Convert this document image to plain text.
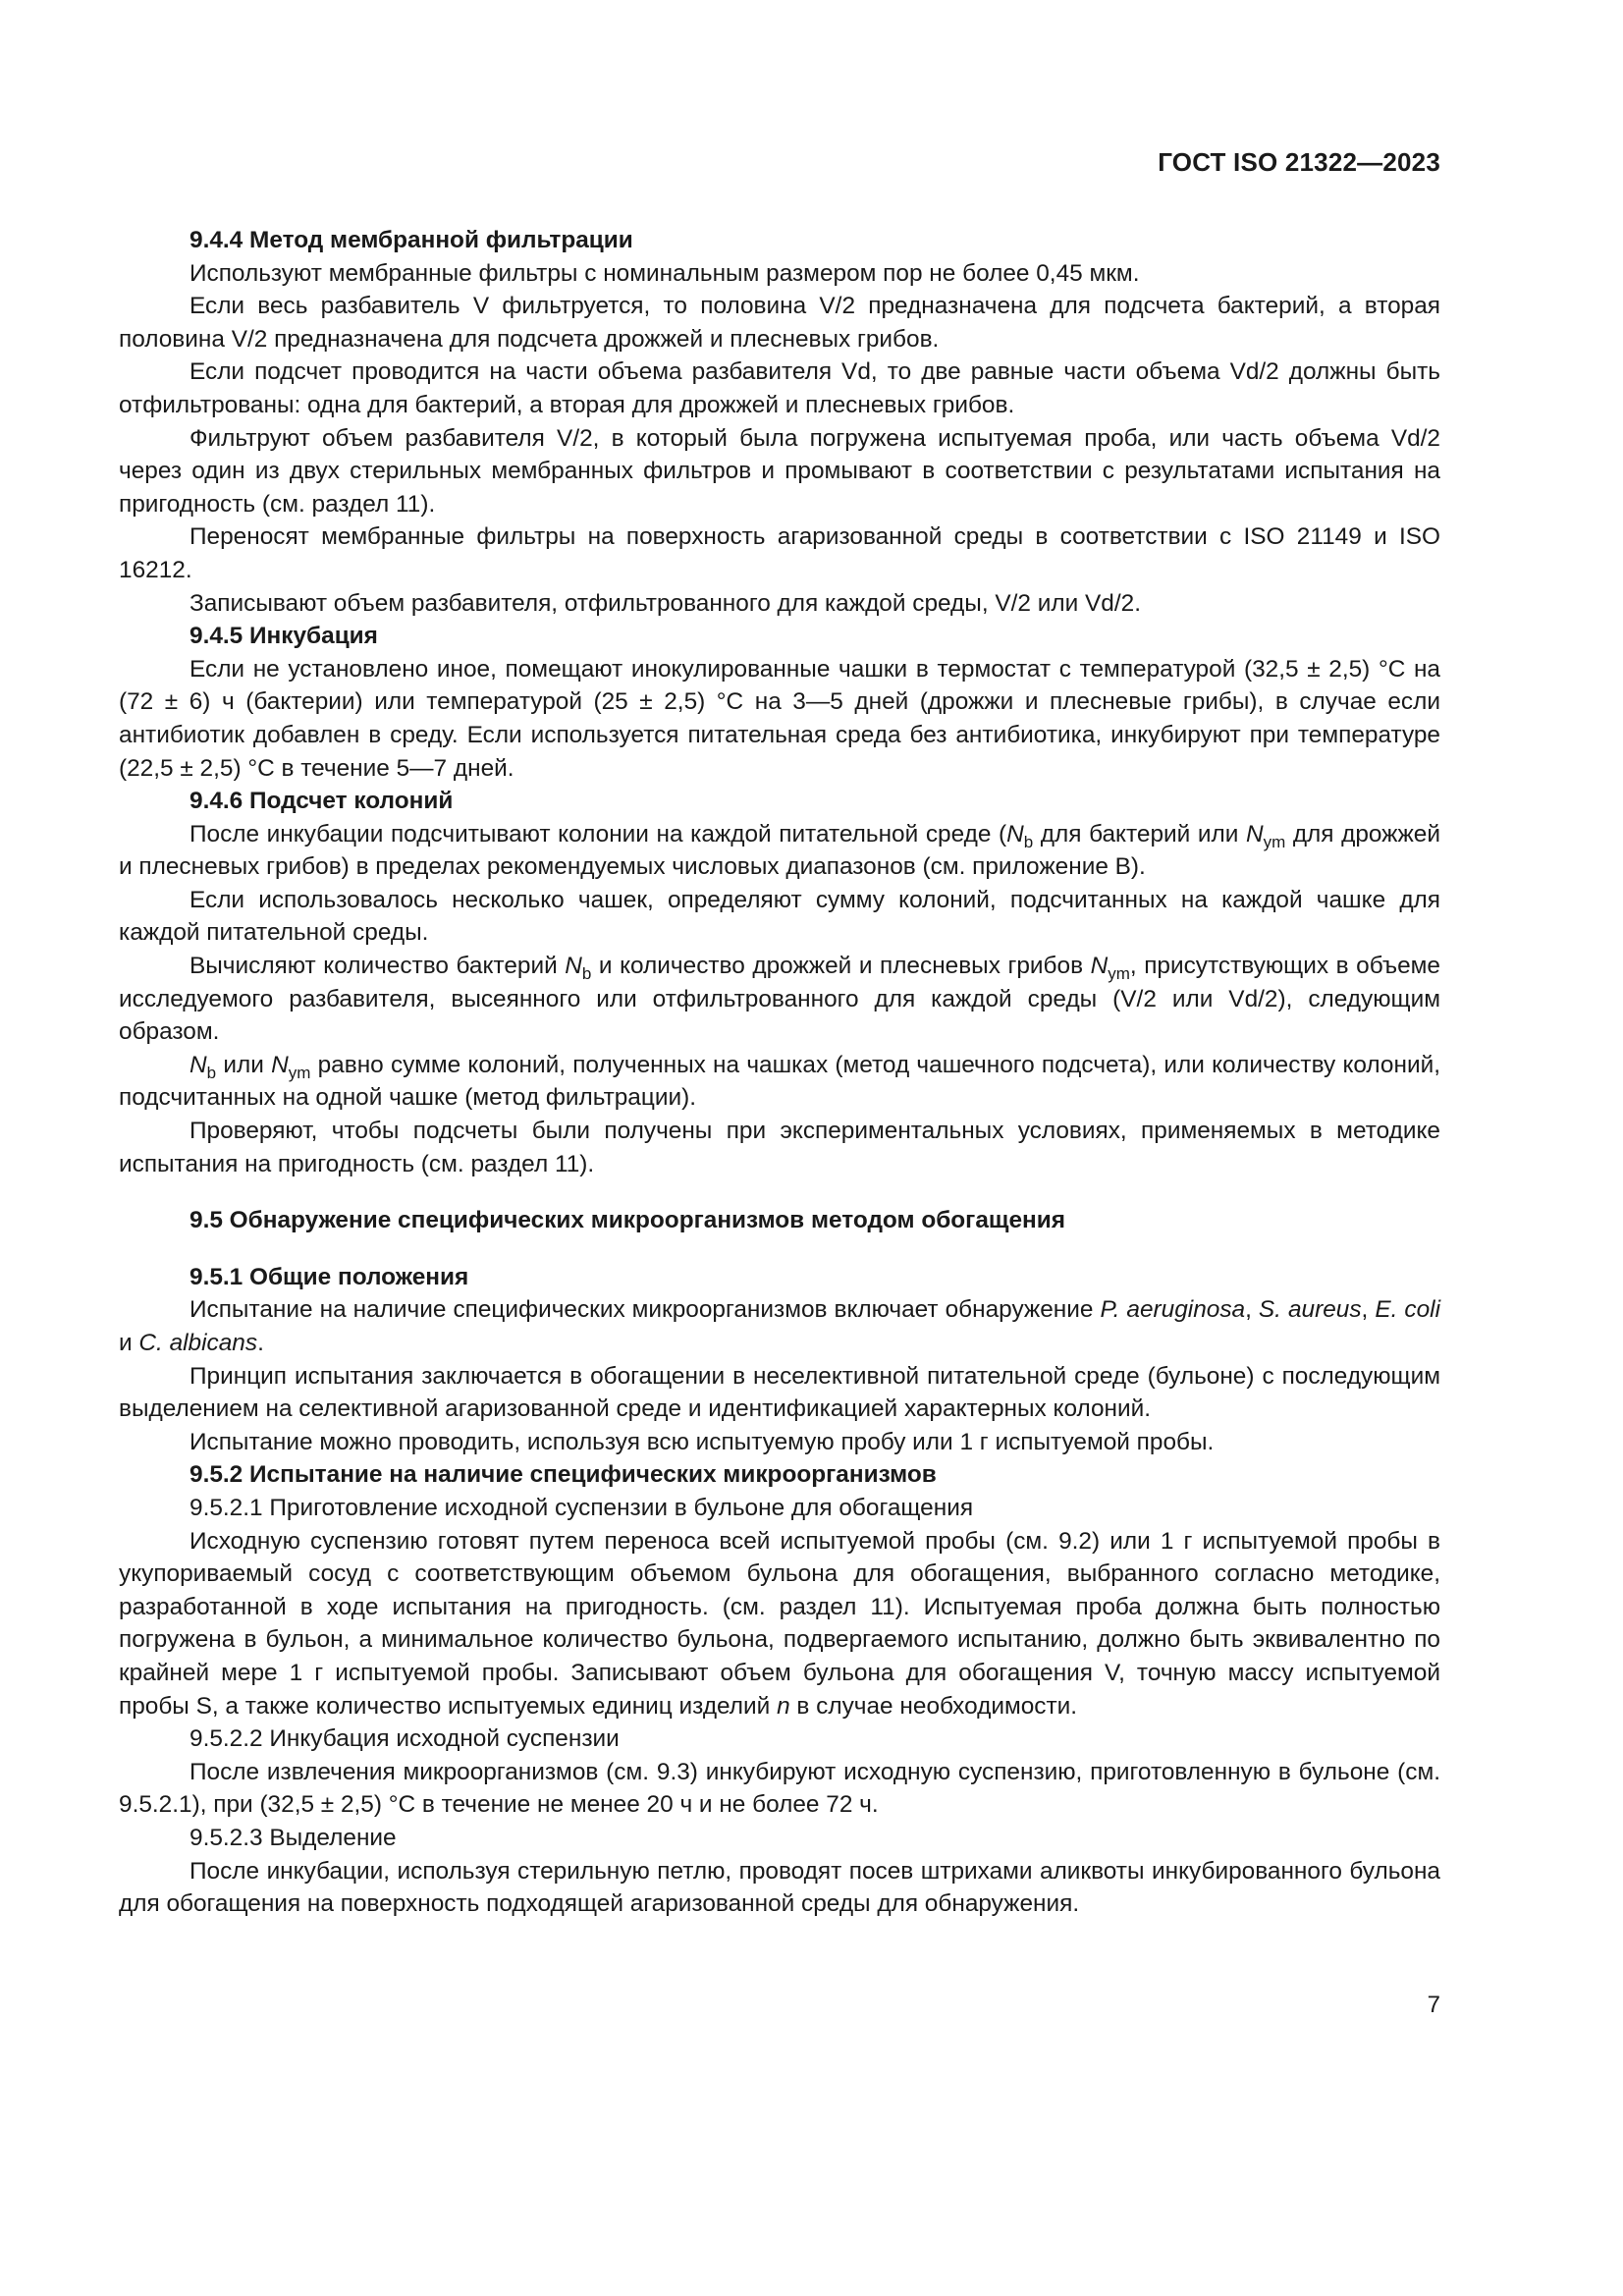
ГОСТ ISO 21322—2023

9.4.4 Метод мембранной фильтрации

Используют мембранные фильтры с номинальным размером пор не более 0,45 мкм.

Если весь разбавитель V фильтруется, то половина V/2 предназначена для подсчета бактерий, а вторая половина V/2 предназначена для подсчета дрожжей и плесневых грибов.

Если подсчет проводится на части объема разбавителя Vd, то две равные части объема Vd/2 должны быть отфильтрованы: одна для бактерий, а вторая для дрожжей и плесневых грибов.

Фильтруют объем разбавителя V/2, в который была погружена испытуемая проба, или часть объема Vd/2 через один из двух стерильных мембранных фильтров и промывают в соответствии с результатами испытания на пригодность (см. раздел 11).

Переносят мембранные фильтры на поверхность агаризованной среды в соответствии с ISO 21149 и ISO 16212.

Записывают объем разбавителя, отфильтрованного для каждой среды, V/2 или Vd/2.

9.4.5 Инкубация

Если не установлено иное, помещают инокулированные чашки в термостат с температурой (32,5 ± 2,5) °С на (72 ± 6) ч (бактерии) или температурой (25 ± 2,5) °С на 3—5 дней (дрожжи и плесневые грибы), в случае если антибиотик добавлен в среду. Если используется питательная среда без антибиотика, инкубируют при температуре (22,5 ± 2,5) °С в течение 5—7 дней.

9.4.6 Подсчет колоний

После инкубации подсчитывают колонии на каждой питательной среде ($N_b$ для бактерий или $N_{ym}$ для дрожжей и плесневых грибов) в пределах рекомендуемых числовых диапазонов (см. приложение В).

Если использовалось несколько чашек, определяют сумму колоний, подсчитанных на каждой чашке для каждой питательной среды.

Вычисляют количество бактерий $N_b$ и количество дрожжей и плесневых грибов $N_{ym}$, присутствующих в объеме исследуемого разбавителя, высеянного или отфильтрованного для каждой среды (V/2 или Vd/2), следующим образом.

$N_b$ или $N_{ym}$ равно сумме колоний, полученных на чашках (метод чашечного подсчета), или количеству колоний, подсчитанных на одной чашке (метод фильтрации).

Проверяют, чтобы подсчеты были получены при экспериментальных условиях, применяемых в методике испытания на пригодность (см. раздел 11).

9.5 Обнаружение специфических микроорганизмов методом обогащения

9.5.1 Общие положения

Испытание на наличие специфических микроорганизмов включает обнаружение P. aeruginosa, S. aureus, E. coli и C. albicans.

Принцип испытания заключается в обогащении в неселективной питательной среде (бульоне) с последующим выделением на селективной агаризованной среде и идентификацией характерных колоний.

Испытание можно проводить, используя всю испытуемую пробу или 1 г испытуемой пробы.

9.5.2 Испытание на наличие специфических микроорганизмов

9.5.2.1 Приготовление исходной суспензии в бульоне для обогащения

Исходную суспензию готовят путем переноса всей испытуемой пробы (см. 9.2) или 1 г испытуемой пробы в укупориваемый сосуд с соответствующим объемом бульона для обогащения, выбранного согласно методике, разработанной в ходе испытания на пригодность. (см. раздел 11). Испытуемая проба должна быть полностью погружена в бульон, а минимальное количество бульона, подвергаемого испытанию, должно быть эквивалентно по крайней мере 1 г испытуемой пробы. Записывают объем бульона для обогащения V, точную массу испытуемой пробы S, а также количество испытуемых единиц изделий n в случае необходимости.

9.5.2.2 Инкубация исходной суспензии

После извлечения микроорганизмов (см. 9.3) инкубируют исходную суспензию, приготовленную в бульоне (см. 9.5.2.1), при (32,5 ± 2,5) °С в течение не менее 20 ч и не более 72 ч.

9.5.2.3 Выделение

После инкубации, используя стерильную петлю, проводят посев штрихами аликвоты инкубированного бульона для обогащения на поверхность подходящей агаризованной среды для обнаружения.

7
